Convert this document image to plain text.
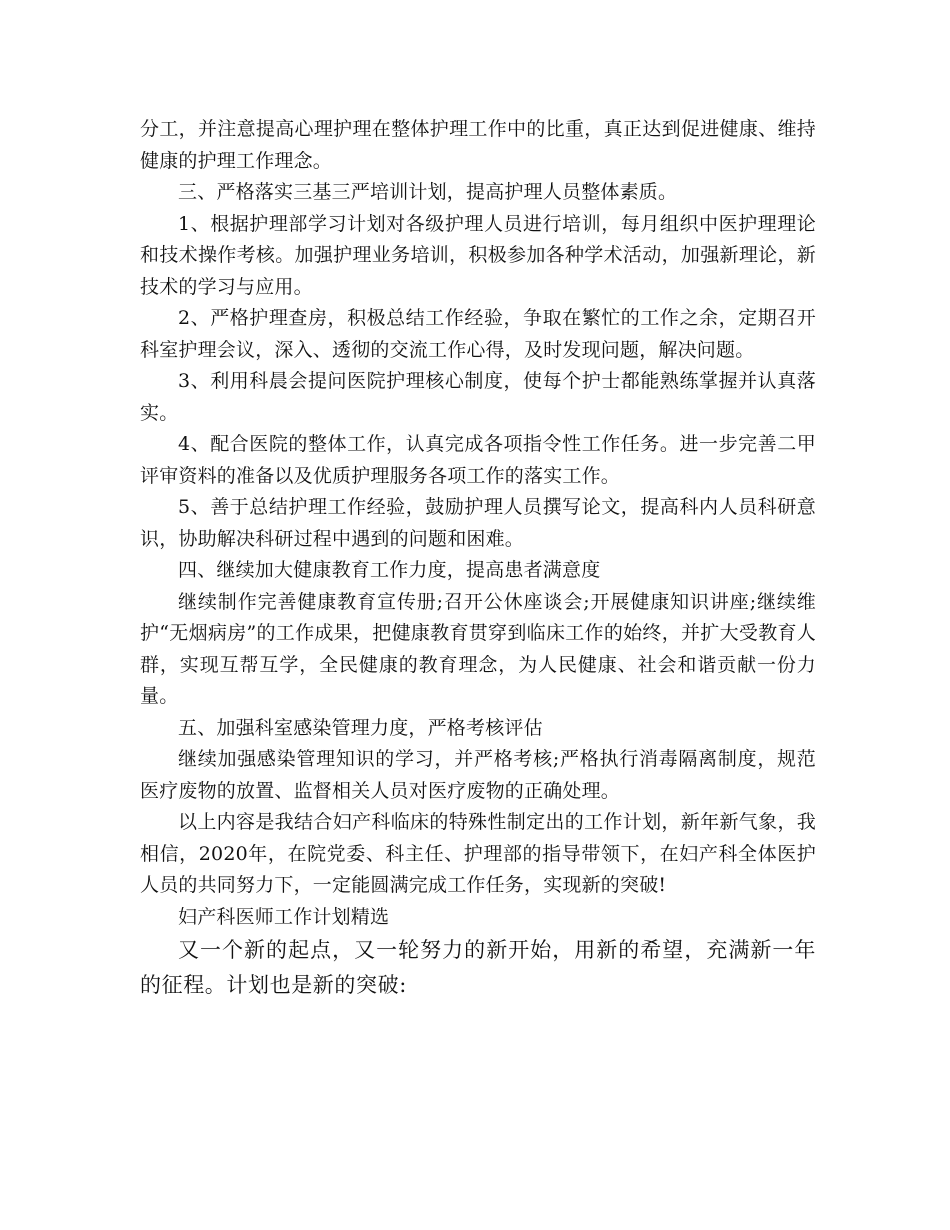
分工，并注意提高心理护理在整体护理工作中的比重，真正达到促进健康、维持健康的护理工作理念。

三、严格落实三基三严培训计划，提高护理人员整体素质。

1、根据护理部学习计划对各级护理人员进行培训，每月组织中医护理理论和技术操作考核。加强护理业务培训，积极参加各种学术活动，加强新理论，新技术的学习与应用。

2、严格护理查房，积极总结工作经验，争取在繁忙的工作之余，定期召开科室护理会议，深入、透彻的交流工作心得，及时发现问题，解决问题。

3、利用科晨会提问医院护理核心制度，使每个护士都能熟练掌握并认真落实。

4、配合医院的整体工作，认真完成各项指令性工作任务。进一步完善二甲评审资料的准备以及优质护理服务各项工作的落实工作。

5、善于总结护理工作经验，鼓励护理人员撰写论文，提高科内人员科研意识，协助解决科研过程中遇到的问题和困难。

四、继续加大健康教育工作力度，提高患者满意度

继续制作完善健康教育宣传册;召开公休座谈会;开展健康知识讲座;继续维护“无烟病房”的工作成果，把健康教育贯穿到临床工作的始终，并扩大受教育人群，实现互帮互学，全民健康的教育理念，为人民健康、社会和谐贡献一份力量。

五、加强科室感染管理力度，严格考核评估

继续加强感染管理知识的学习，并严格考核;严格执行消毒隔离制度，规范医疗废物的放置、监督相关人员对医疗废物的正确处理。

以上内容是我结合妇产科临床的特殊性制定出的工作计划，新年新气象，我相信，2020年，在院党委、科主任、护理部的指导带领下，在妇产科全体医护人员的共同努力下，一定能圆满完成工作任务，实现新的突破!

妇产科医师工作计划精选

又一个新的起点，又一轮努力的新开始，用新的希望，充满新一年的征程。计划也是新的突破:
